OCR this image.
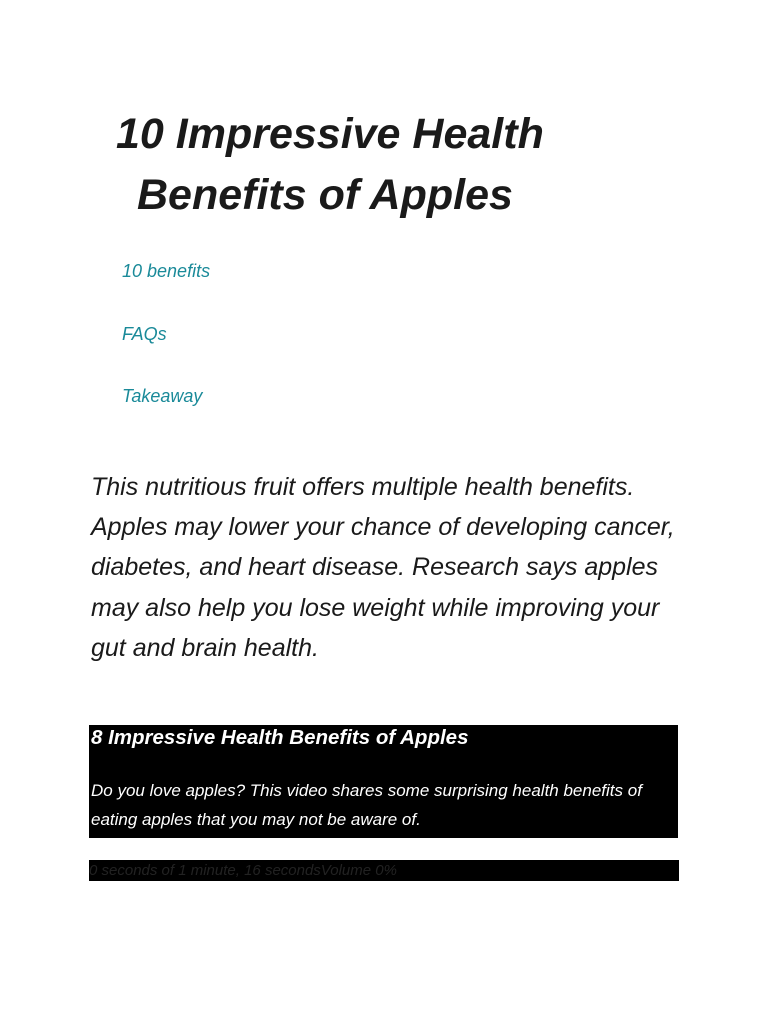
10 Impressive Health
Benefits of Apples
10 benefits
FAQs
Takeaway

This nutritious fruit offers multiple health benefits. Apples may lower your chance of developing cancer, diabetes, and heart disease. Research says apples may also help you lose weight while improving your gut and brain health.

8 Impressive Health Benefits of Apples

Do you love apples? This video shares some surprising health benefits of eating apples that you may not be aware of.

0 seconds of 1 minute, 16 secondsVolume 0%
